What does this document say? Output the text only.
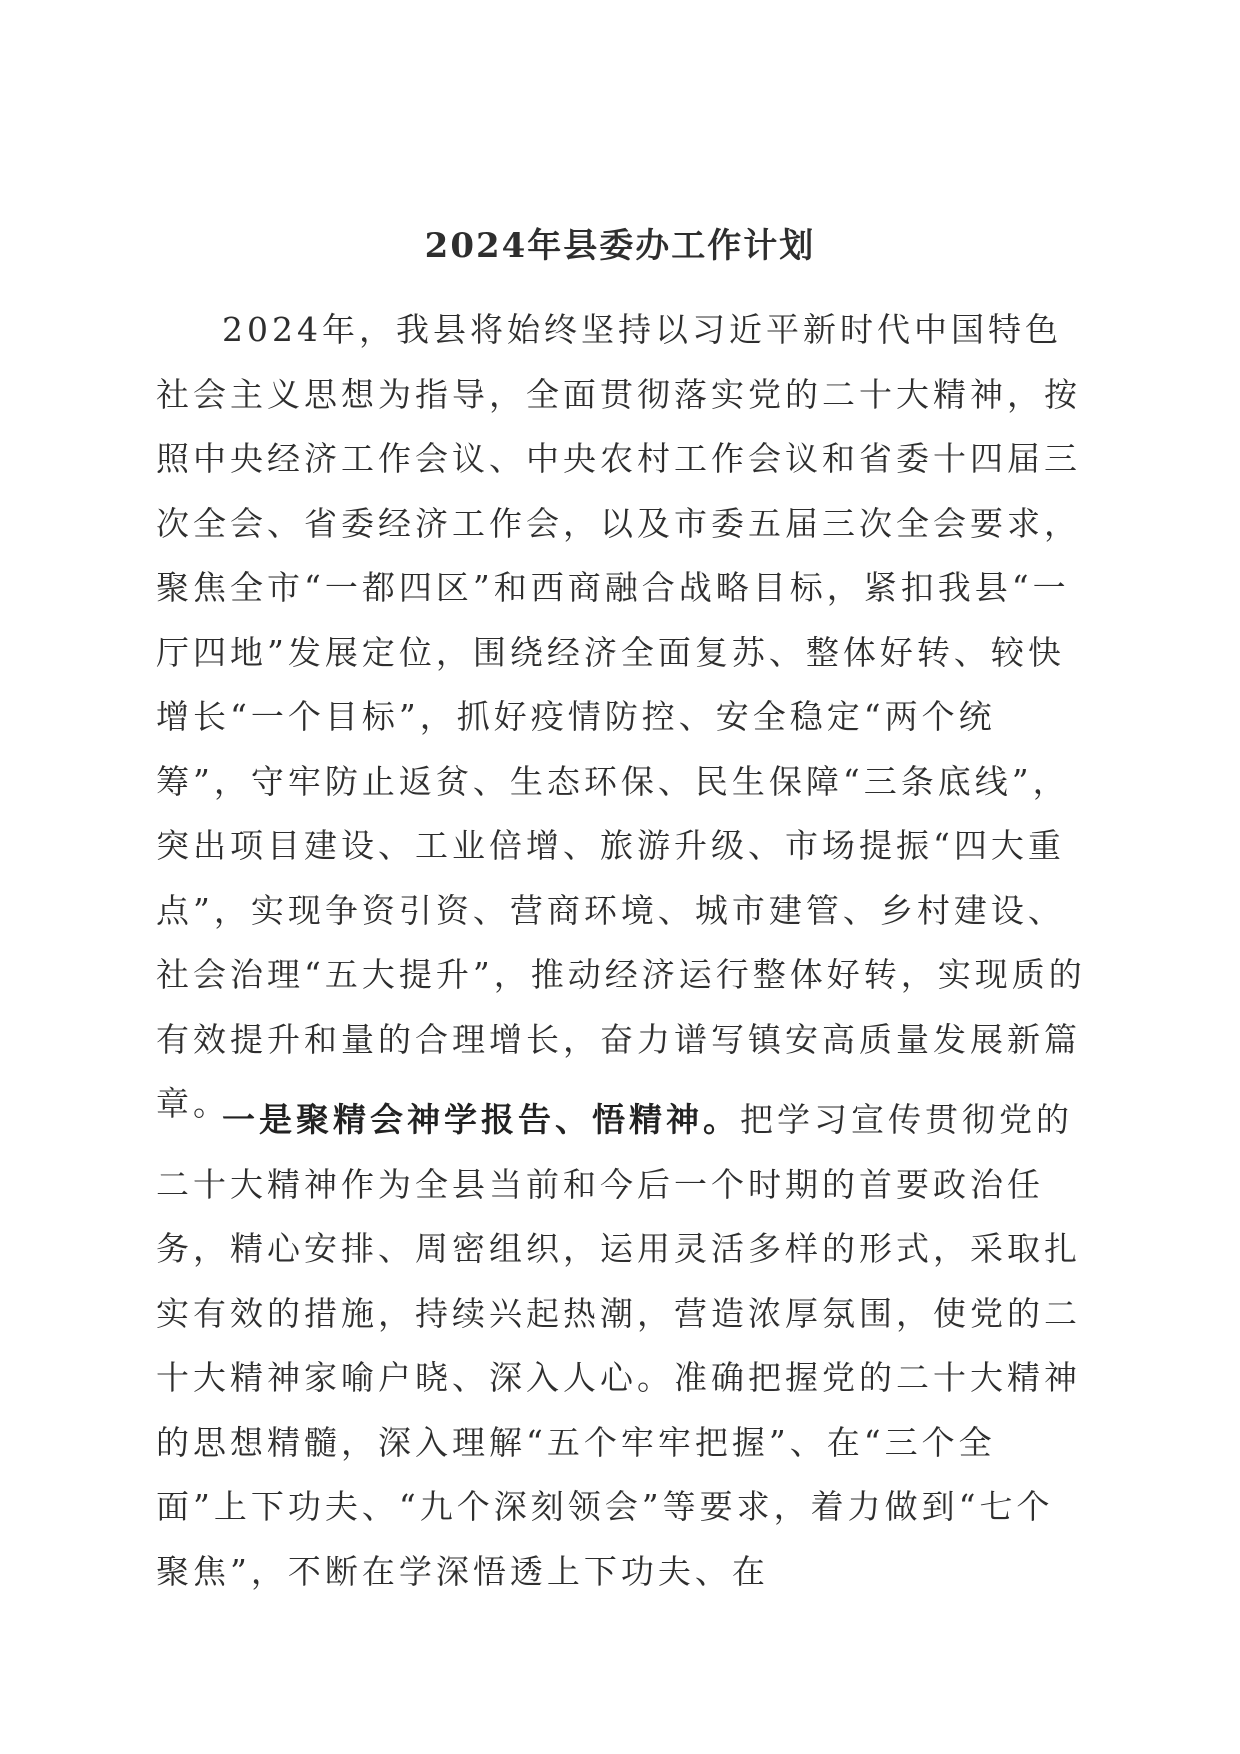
2024年县委办工作计划

2024年，我县将始终坚持以习近平新时代中国特色社会主义思想为指导，全面贯彻落实党的二十大精神，按照中央经济工作会议、中央农村工作会议和省委十四届三次全会、省委经济工作会，以及市委五届三次全会要求，聚焦全市“一都四区”和西商融合战略目标，紧扣我县“一厅四地”发展定位，围绕经济全面复苏、整体好转、较快增长“一个目标”，抓好疫情防控、安全稳定“两个统筹”，守牢防止返贫、生态环保、民生保障“三条底线”，突出项目建设、工业倍增、旅游升级、市场提振“四大重点”，实现争资引资、营商环境、城市建管、乡村建设、社会治理“五大提升”，推动经济运行整体好转，实现质的有效提升和量的合理增长，奋力谱写镇安高质量发展新篇章。

一是聚精会神学报告、悟精神。把学习宣传贯彻党的二十大精神作为全县当前和今后一个时期的首要政治任务，精心安排、周密组织，运用灵活多样的形式，采取扎实有效的措施，持续兴起热潮，营造浓厚氛围，使党的二十大精神家喻户晓、深入人心。准确把握党的二十大精神的思想精髓，深入理解“五个牢牢把握”、在“三个全面”上下功夫、“九个深刻领会”等要求，着力做到“七个聚焦”，不断在学深悟透上下功夫、在
